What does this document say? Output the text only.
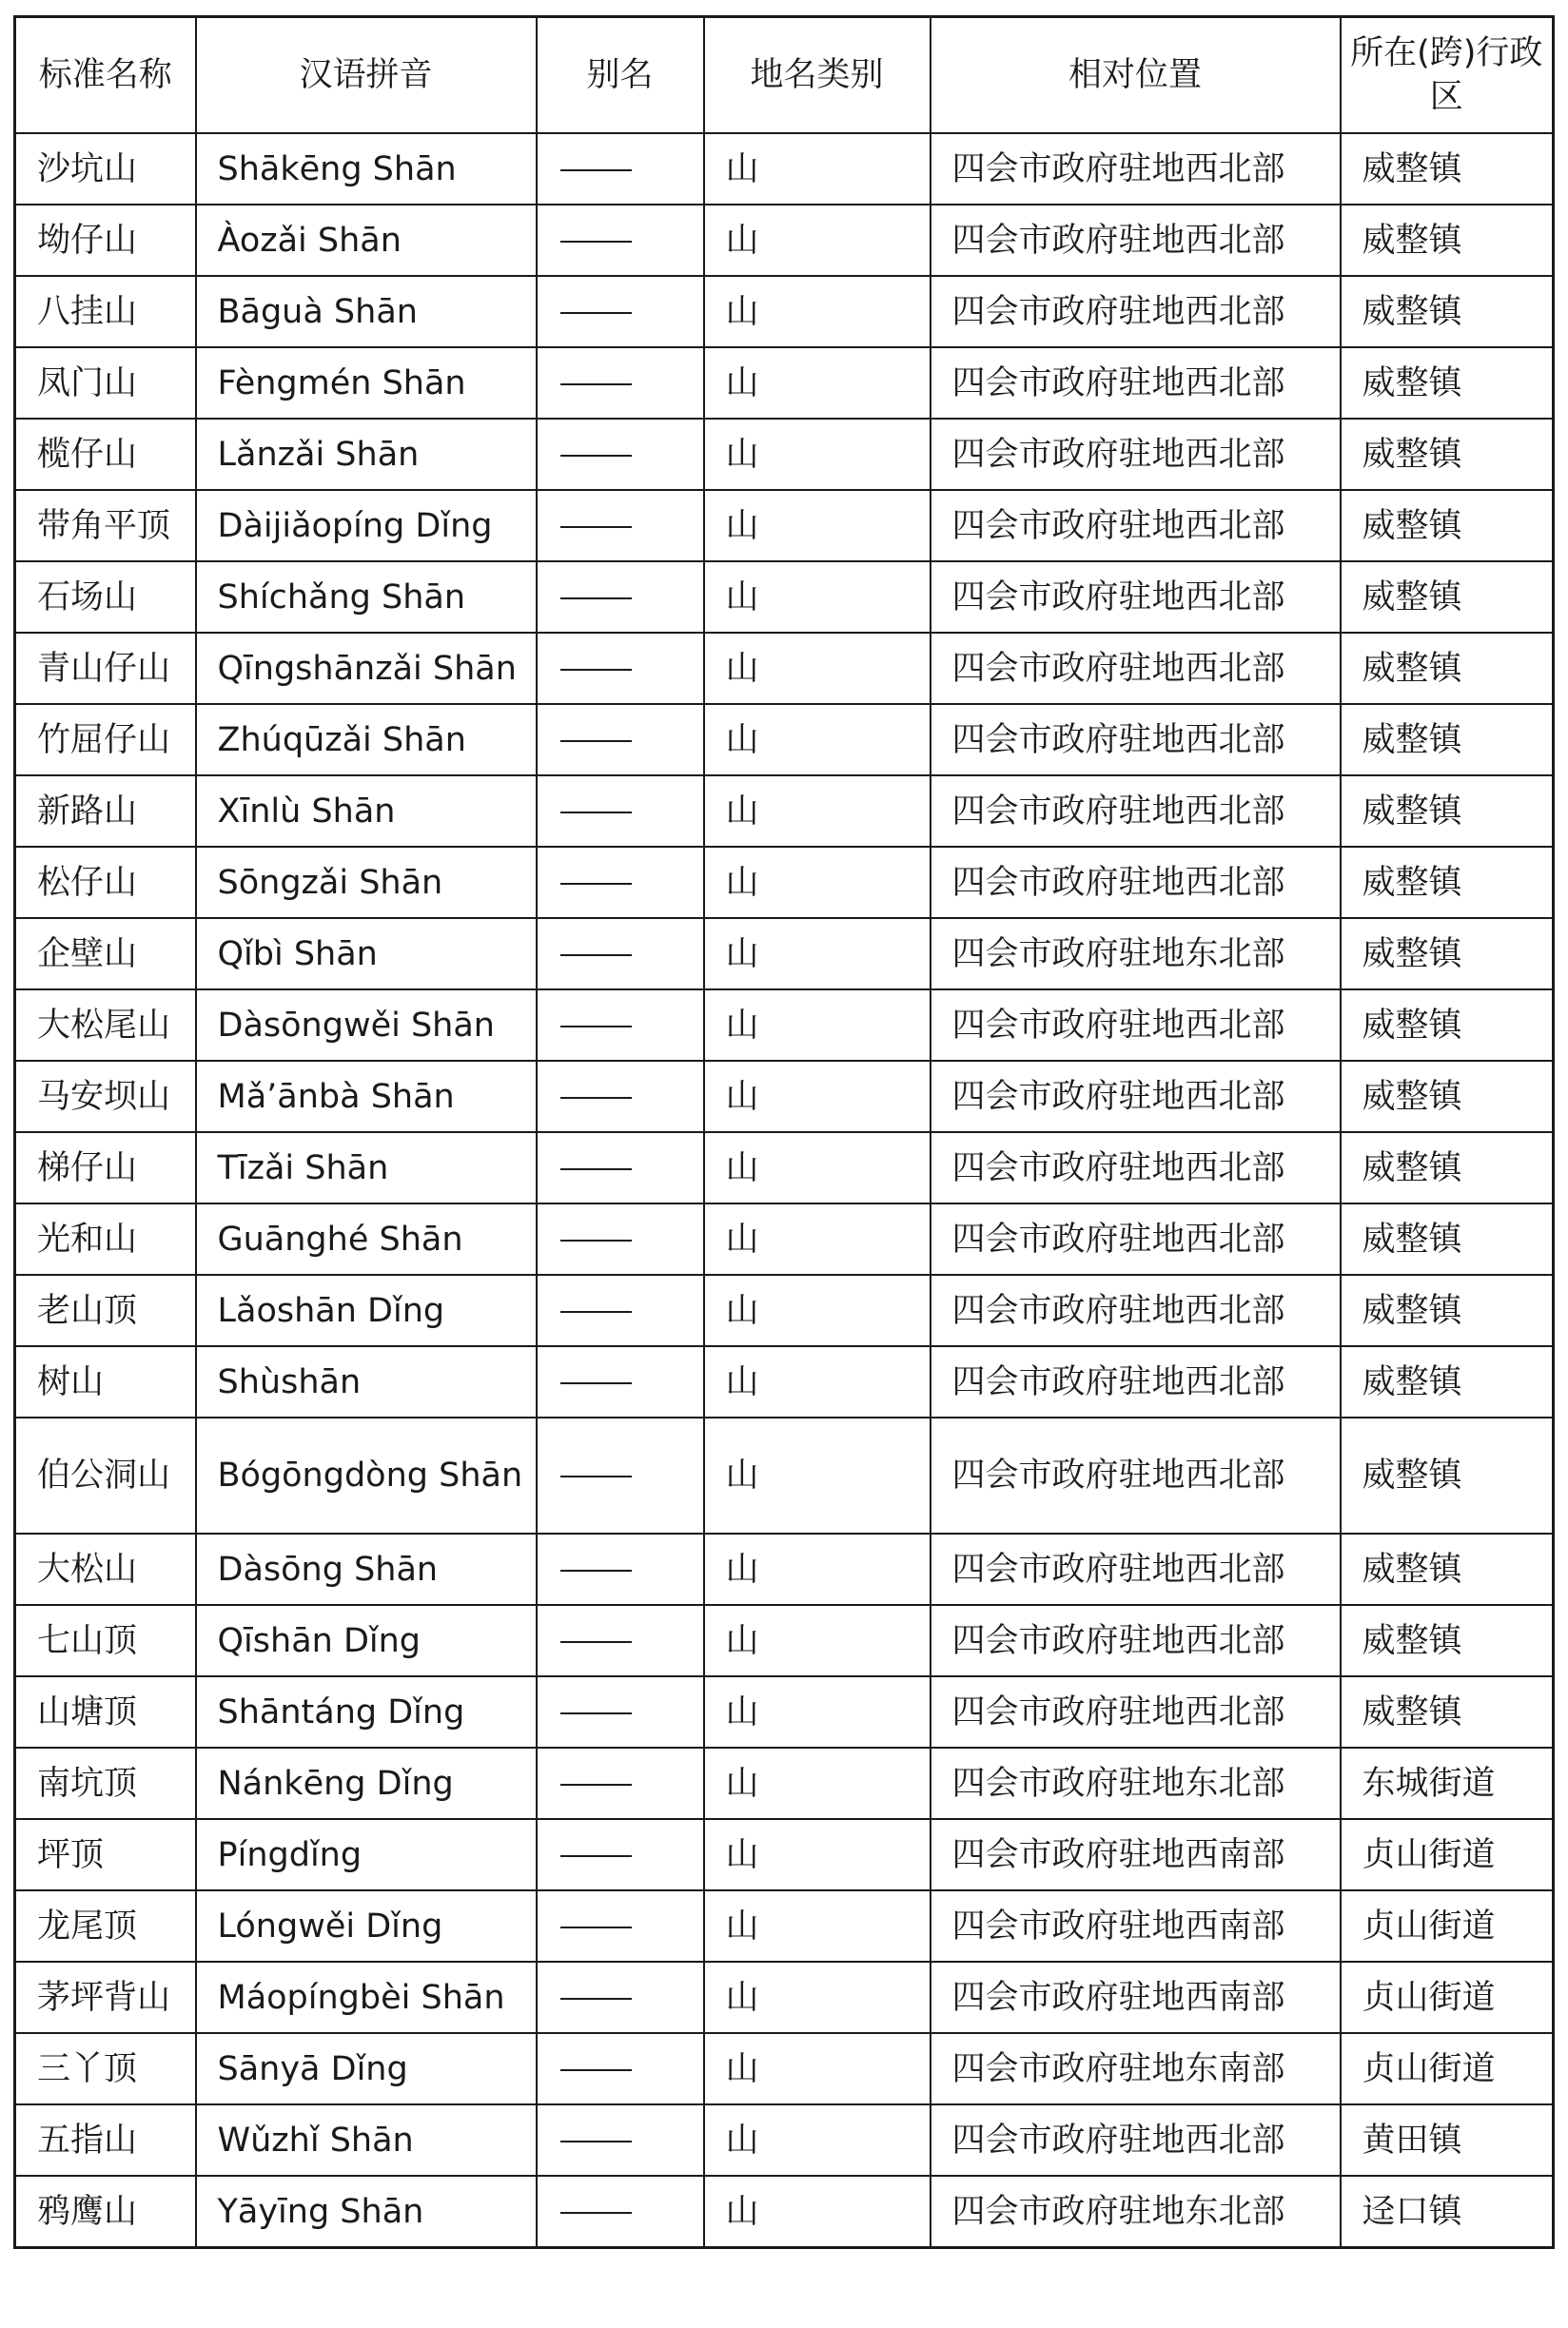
标准名称	汉语拼音	别名	地名类别	相对位置	所在(跨)行政区
沙坑山	Shākēng Shān		山	四会市政府驻地西北部	威整镇
坳仔山	Àozǎi Shān		山	四会市政府驻地西北部	威整镇
八挂山	Bāguà Shān		山	四会市政府驻地西北部	威整镇
凤门山	Fèngmén Shān		山	四会市政府驻地西北部	威整镇
榄仔山	Lǎnzǎi Shān		山	四会市政府驻地西北部	威整镇
带角平顶	Dàijiǎopíng Dǐng		山	四会市政府驻地西北部	威整镇
石场山	Shíchǎng Shān		山	四会市政府驻地西北部	威整镇
青山仔山	Qīngshānzǎi Shān		山	四会市政府驻地西北部	威整镇
竹屈仔山	Zhúqūzǎi Shān		山	四会市政府驻地西北部	威整镇
新路山	Xīnlù Shān		山	四会市政府驻地西北部	威整镇
松仔山	Sōngzǎi Shān		山	四会市政府驻地西北部	威整镇
企壁山	Qǐbì Shān		山	四会市政府驻地东北部	威整镇
大松尾山	Dàsōngwěi Shān		山	四会市政府驻地西北部	威整镇
马安坝山	Mǎ’ānbà Shān		山	四会市政府驻地西北部	威整镇
梯仔山	Tīzǎi Shān		山	四会市政府驻地西北部	威整镇
光和山	Guānghé Shān		山	四会市政府驻地西北部	威整镇
老山顶	Lǎoshān Dǐng		山	四会市政府驻地西北部	威整镇
树山	Shùshān		山	四会市政府驻地西北部	威整镇
伯公洞山	Bógōngdòng Shān		山	四会市政府驻地西北部	威整镇
大松山	Dàsōng Shān		山	四会市政府驻地西北部	威整镇
七山顶	Qīshān Dǐng		山	四会市政府驻地西北部	威整镇
山塘顶	Shāntáng Dǐng		山	四会市政府驻地西北部	威整镇
南坑顶	Nánkēng Dǐng		山	四会市政府驻地东北部	东城街道
坪顶	Píngdǐng		山	四会市政府驻地西南部	贞山街道
龙尾顶	Lóngwěi Dǐng		山	四会市政府驻地西南部	贞山街道
茅坪背山	Máopíngbèi Shān		山	四会市政府驻地西南部	贞山街道
三丫顶	Sānyā Dǐng		山	四会市政府驻地东南部	贞山街道
五指山	Wǔzhǐ Shān		山	四会市政府驻地西北部	黄田镇
鸦鹰山	Yāyīng Shān		山	四会市政府驻地东北部	迳口镇
